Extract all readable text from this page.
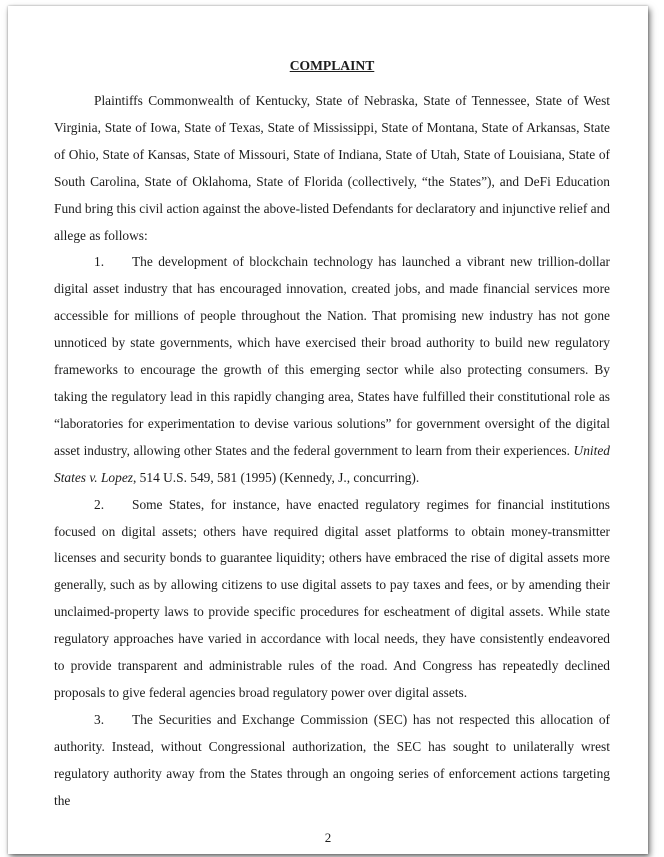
COMPLAINT

Plaintiffs Commonwealth of Kentucky, State of Nebraska, State of Tennessee, State of West Virginia, State of Iowa, State of Texas, State of Mississippi, State of Montana, State of Arkansas, State of Ohio, State of Kansas, State of Missouri, State of Indiana, State of Utah, State of Louisiana, State of South Carolina, State of Oklahoma, State of Florida (collectively, “the States”), and DeFi Education Fund bring this civil action against the above-listed Defendants for declaratory and injunctive relief and allege as follows:

1. The development of blockchain technology has launched a vibrant new trillion-dollar digital asset industry that has encouraged innovation, created jobs, and made financial services more accessible for millions of people throughout the Nation. That promising new industry has not gone unnoticed by state governments, which have exercised their broad authority to build new regulatory frameworks to encourage the growth of this emerging sector while also protecting consumers. By taking the regulatory lead in this rapidly changing area, States have fulfilled their constitutional role as “laboratories for experimentation to devise various solutions” for government oversight of the digital asset industry, allowing other States and the federal government to learn from their experiences. United States v. Lopez, 514 U.S. 549, 581 (1995) (Kennedy, J., concurring).

2. Some States, for instance, have enacted regulatory regimes for financial institutions focused on digital assets; others have required digital asset platforms to obtain money-transmitter licenses and security bonds to guarantee liquidity; others have embraced the rise of digital assets more generally, such as by allowing citizens to use digital assets to pay taxes and fees, or by amending their unclaimed-property laws to provide specific procedures for escheatment of digital assets. While state regulatory approaches have varied in accordance with local needs, they have consistently endeavored to provide transparent and administrable rules of the road. And Congress has repeatedly declined proposals to give federal agencies broad regulatory power over digital assets.

3. The Securities and Exchange Commission (SEC) has not respected this allocation of authority. Instead, without Congressional authorization, the SEC has sought to unilaterally wrest regulatory authority away from the States through an ongoing series of enforcement actions targeting the

2
